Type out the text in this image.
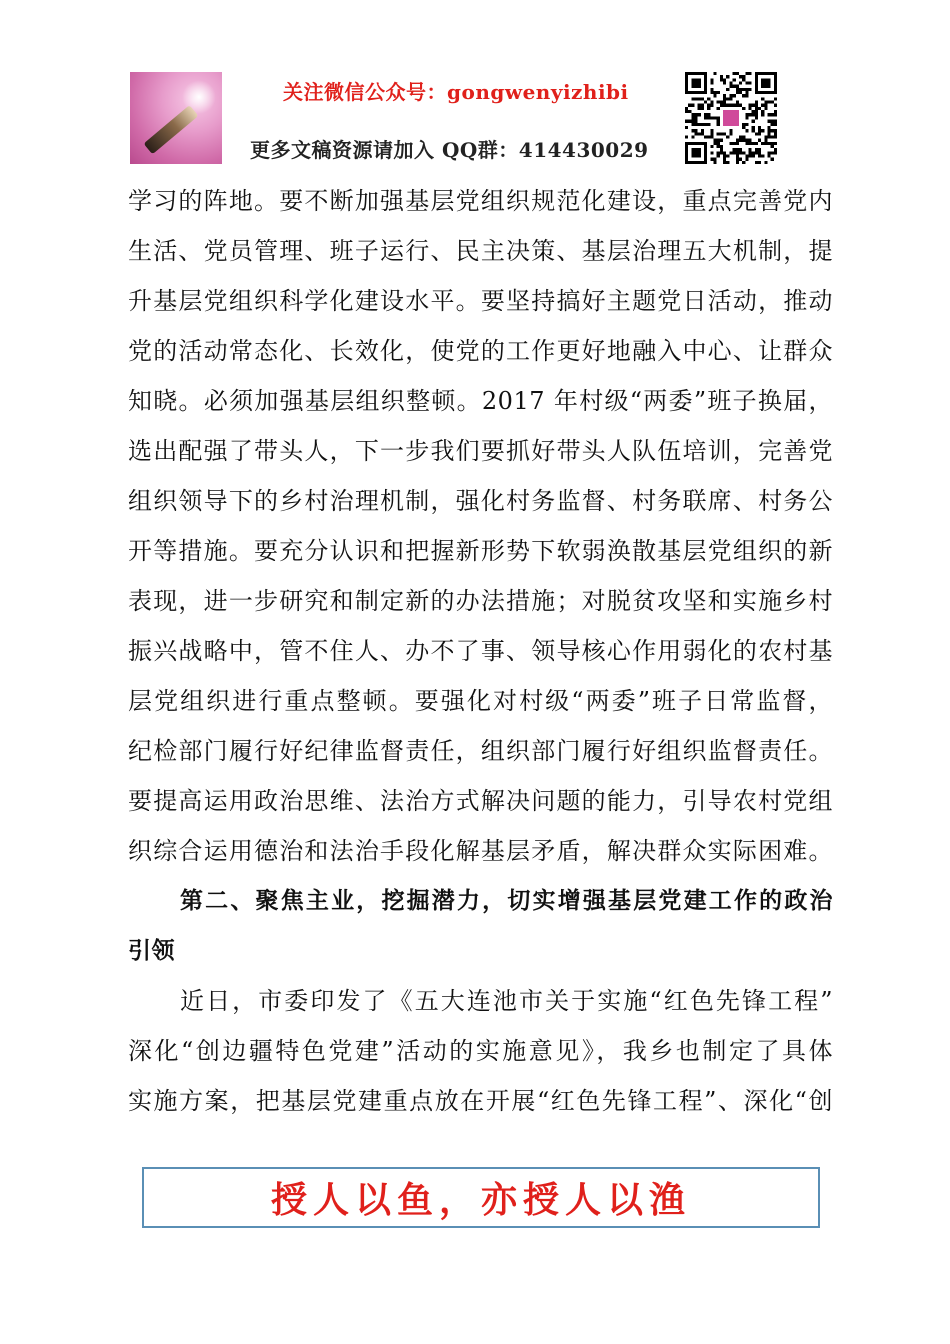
关注微信公众号：gongwenyizhibi
更多文稿资源请加入 QQ群：414430029
学习的阵地。要不断加强基层党组织规范化建设，重点完善党内
生活、党员管理、班子运行、民主决策、基层治理五大机制，提
升基层党组织科学化建设水平。要坚持搞好主题党日活动，推动
党的活动常态化、长效化，使党的工作更好地融入中心、让群众
知晓。必须加强基层组织整顿。2017 年村级“两委”班子换届，
选出配强了带头人，下一步我们要抓好带头人队伍培训，完善党
组织领导下的乡村治理机制，强化村务监督、村务联席、村务公
开等措施。要充分认识和把握新形势下软弱涣散基层党组织的新
表现，进一步研究和制定新的办法措施；对脱贫攻坚和实施乡村
振兴战略中，管不住人、办不了事、领导核心作用弱化的农村基
层党组织进行重点整顿。要强化对村级“两委”班子日常监督，
纪检部门履行好纪律监督责任，组织部门履行好组织监督责任。
要提高运用政治思维、法治方式解决问题的能力，引导农村党组
织综合运用德治和法治手段化解基层矛盾，解决群众实际困难。
第二、聚焦主业，挖掘潜力，切实增强基层党建工作的政治
引领
近日，市委印发了《五大连池市关于实施“红色先锋工程”
深化“创边疆特色党建”活动的实施意见》，我乡也制定了具体
实施方案，把基层党建重点放在开展“红色先锋工程”、深化“创
授人以鱼，亦授人以渔
